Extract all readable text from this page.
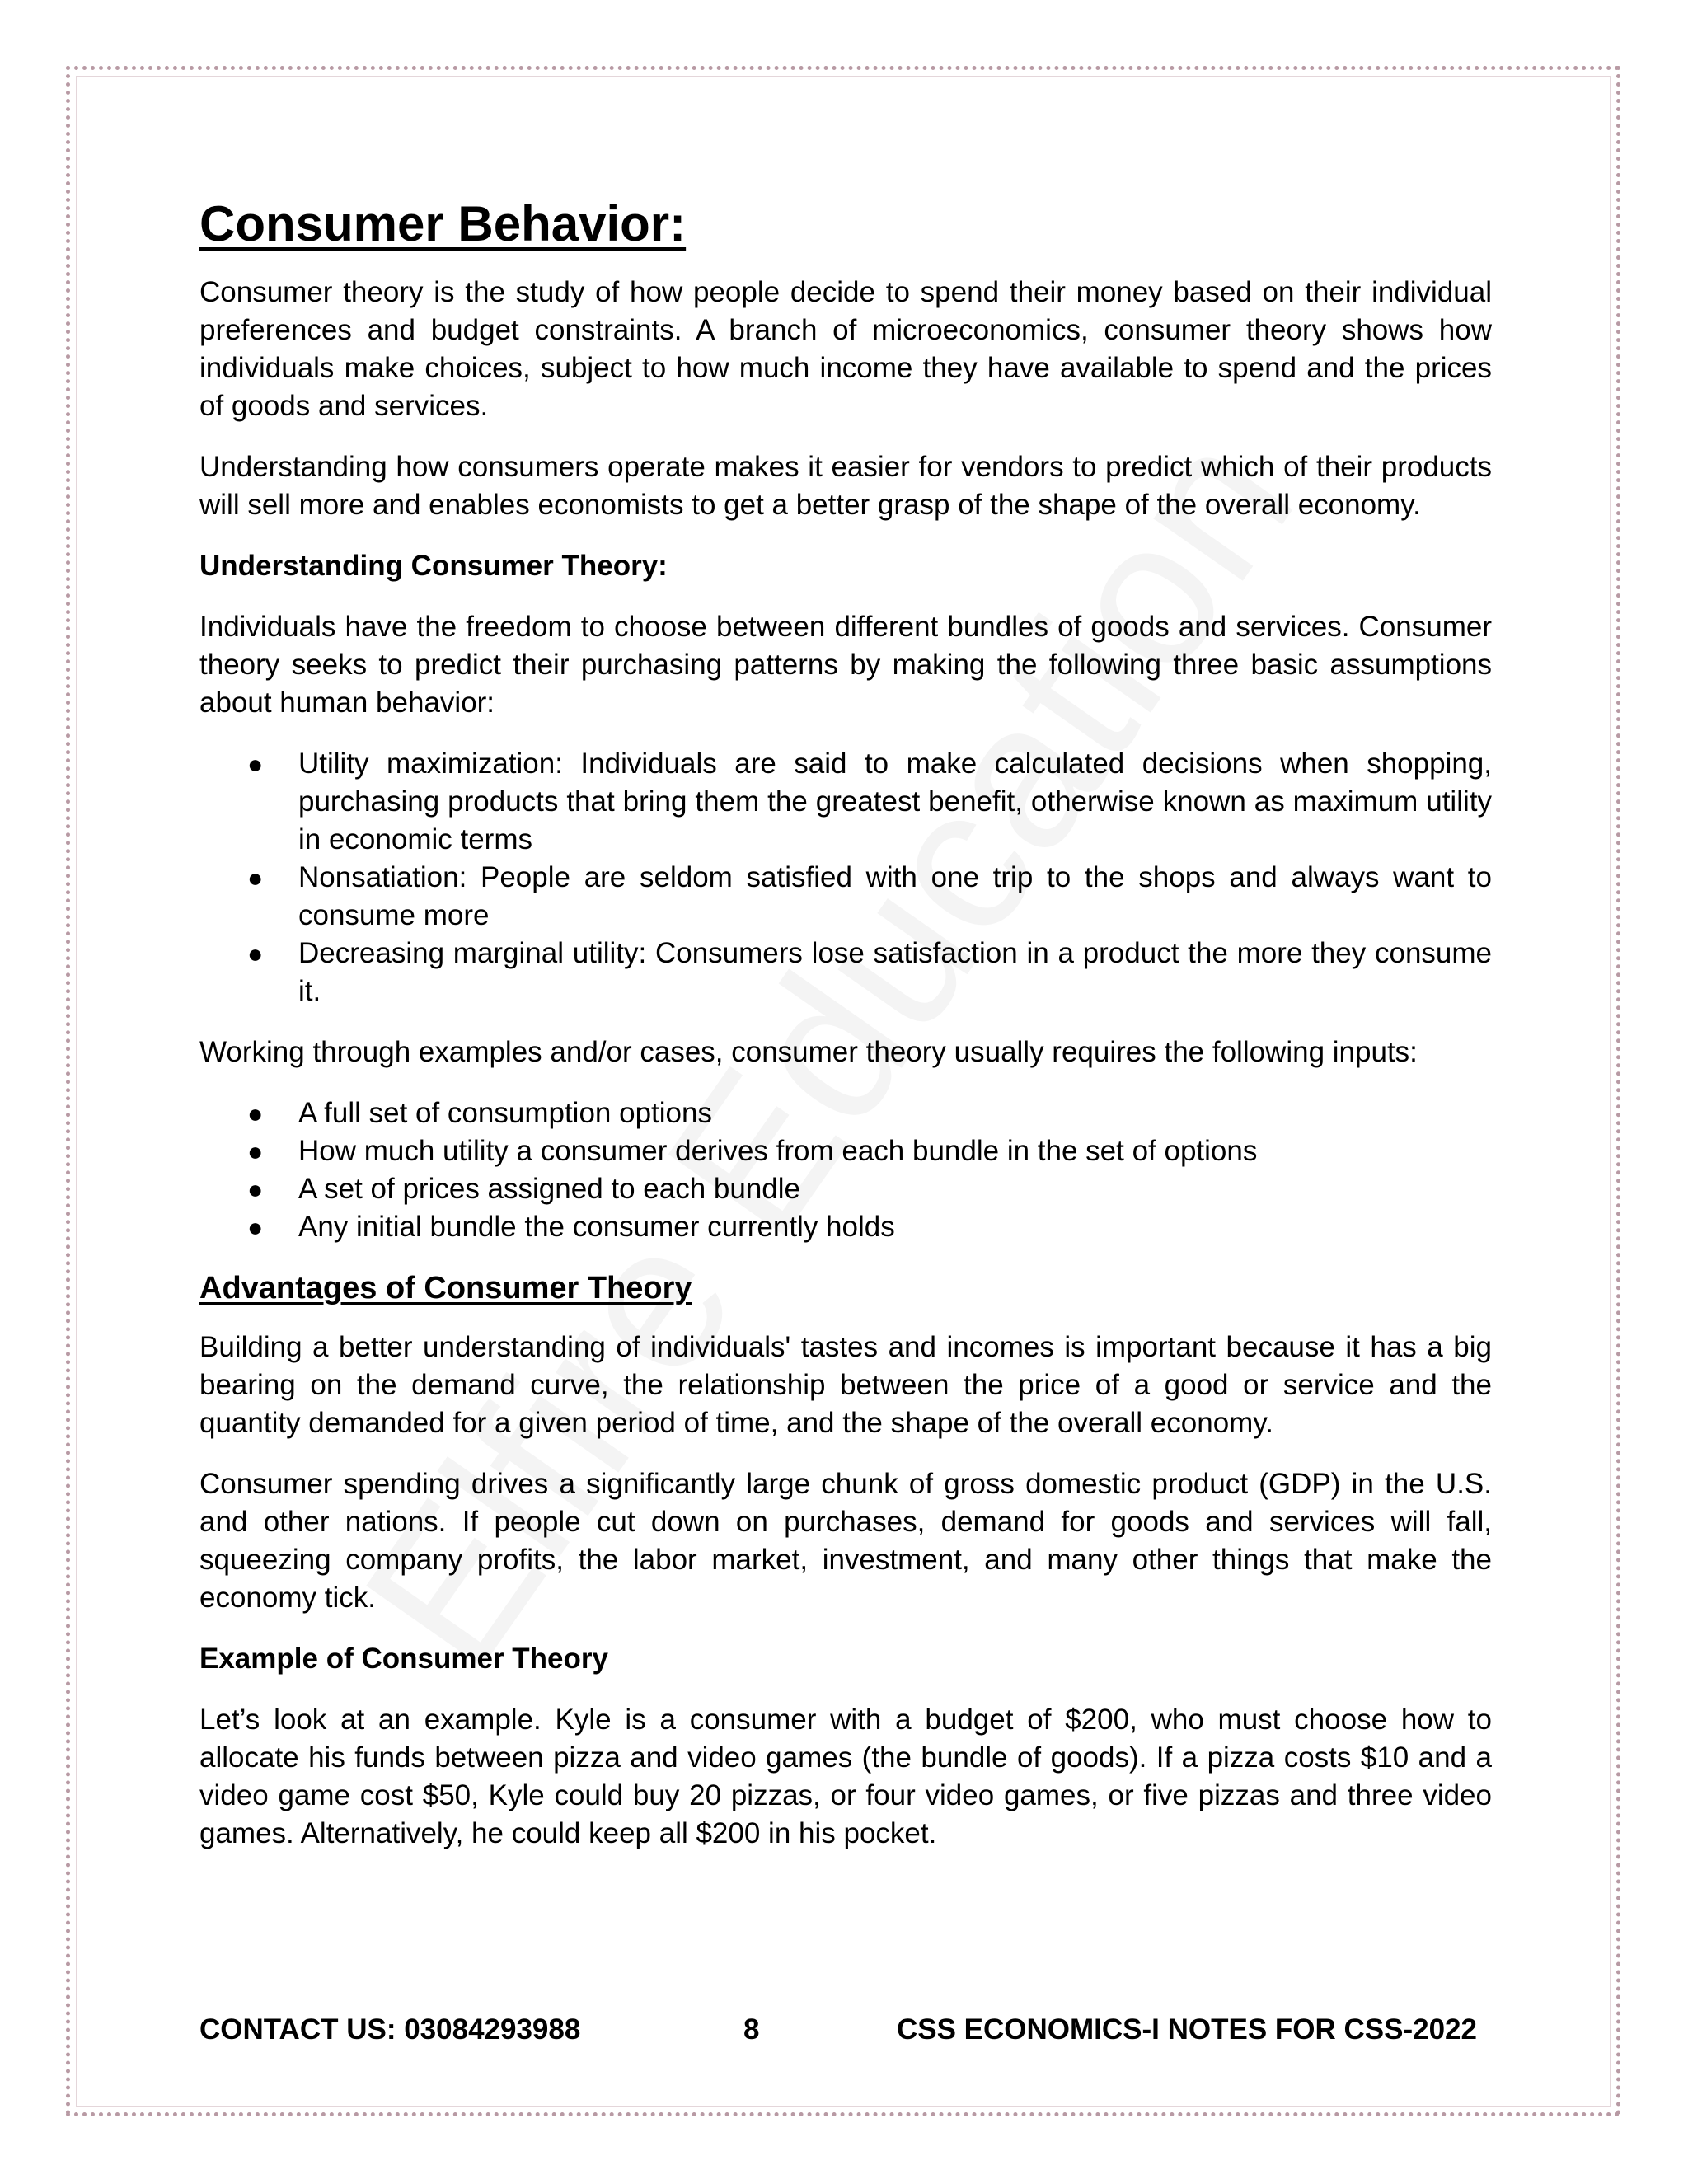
Consumer Behavior:

Consumer theory is the study of how people decide to spend their money based on their individual preferences and budget constraints. A branch of microeconomics, consumer theory shows how individuals make choices, subject to how much income they have available to spend and the prices of goods and services.

Understanding how consumers operate makes it easier for vendors to predict which of their products will sell more and enables economists to get a better grasp of the shape of the overall economy.

Understanding Consumer Theory:

Individuals have the freedom to choose between different bundles of goods and services. Consumer theory seeks to predict their purchasing patterns by making the following three basic assumptions about human behavior:

● Utility maximization: Individuals are said to make calculated decisions when shopping, purchasing products that bring them the greatest benefit, otherwise known as maximum utility in economic terms
● Nonsatiation: People are seldom satisfied with one trip to the shops and always want to consume more
● Decreasing marginal utility: Consumers lose satisfaction in a product the more they consume it.

Working through examples and/or cases, consumer theory usually requires the following inputs:

● A full set of consumption options
● How much utility a consumer derives from each bundle in the set of options
● A set of prices assigned to each bundle
● Any initial bundle the consumer currently holds
Advantages of Consumer Theory

Building a better understanding of individuals' tastes and incomes is important because it has a big bearing on the demand curve, the relationship between the price of a good or service and the quantity demanded for a given period of time, and the shape of the overall economy.

Consumer spending drives a significantly large chunk of gross domestic product (GDP) in the U.S. and other nations. If people cut down on purchases, demand for goods and services will fall, squeezing company profits, the labor market, investment, and many other things that make the economy tick.

Example of Consumer Theory

Let’s look at an example. Kyle is a consumer with a budget of $200, who must choose how to allocate his funds between pizza and video games (the bundle of goods). If a pizza costs $10 and a video game cost $50, Kyle could buy 20 pizzas, or four video games, or five pizzas and three video games. Alternatively, he could keep all $200 in his pocket.

CONTACT US: 03084293988	8	CSS ECONOMICS-I NOTES FOR CSS-2022
